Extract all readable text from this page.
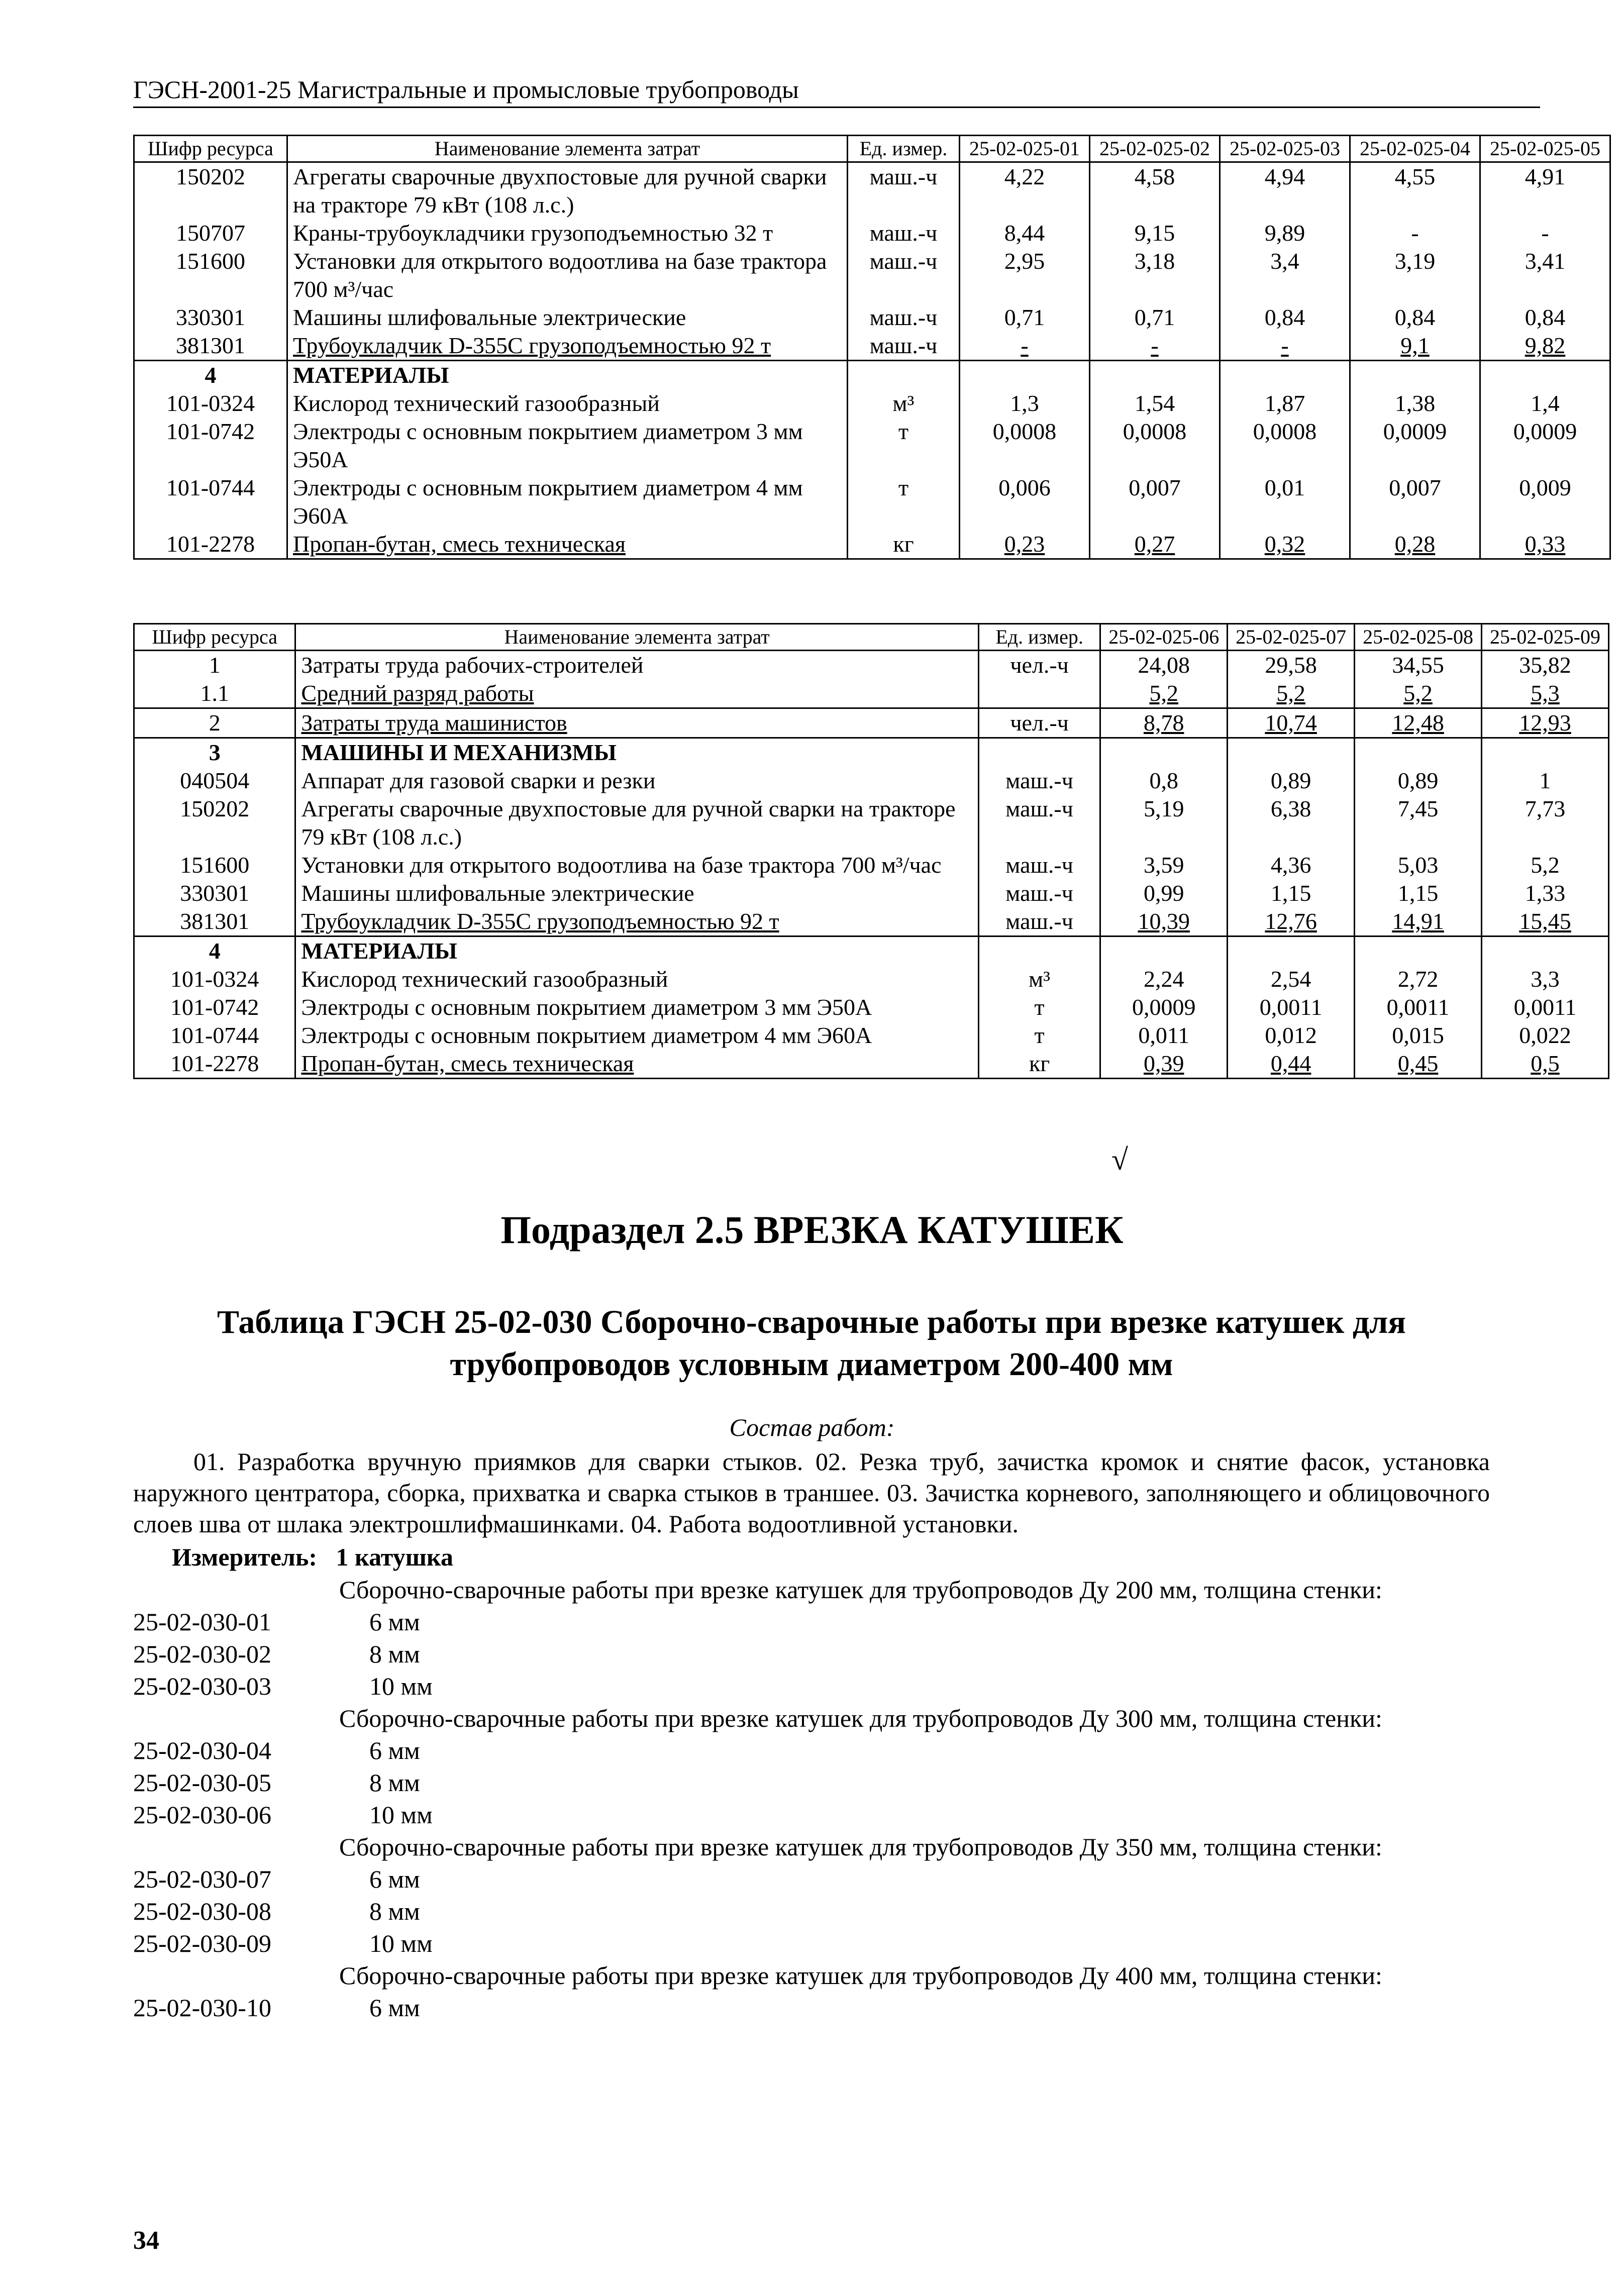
ГЭСН-2001-25 Магистральные и промысловые трубопроводы
Шифр ресурса	Наименование элемента затрат	Ед. измер.	25-02-025-01	25-02-025-02	25-02-025-03	25-02-025-04	25-02-025-05
150202	Агрегаты сварочные двухпостовые для ручной сварки на тракторе 79 кВт (108 л.с.)	маш.-ч	4,22	4,58	4,94	4,55	4,91
150707	Краны-трубоукладчики грузоподъемностью 32 т	маш.-ч	8,44	9,15	9,89	-	-
151600	Установки для открытого водоотлива на базе трактора 700 м³/час	маш.-ч	2,95	3,18	3,4	3,19	3,41
330301	Машины шлифовальные электрические	маш.-ч	0,71	0,71	0,84	0,84	0,84
381301	Трубоукладчик D-355C грузоподъемностью 92 т	маш.-ч	-	-	-	9,1	9,82
4	МАТЕРИАЛЫ						
101-0324	Кислород технический газообразный	м³	1,3	1,54	1,87	1,38	1,4
101-0742	Электроды с основным покрытием диаметром 3 мм Э50А	т	0,0008	0,0008	0,0008	0,0009	0,0009
101-0744	Электроды с основным покрытием диаметром 4 мм Э60А	т	0,006	0,007	0,01	0,007	0,009
101-2278	Пропан-бутан, смесь техническая	кг	0,23	0,27	0,32	0,28	0,33
Шифр ресурса	Наименование элемента затрат	Ед. измер.	25-02-025-06	25-02-025-07	25-02-025-08	25-02-025-09
1	Затраты труда рабочих-строителей	чел.-ч	24,08	29,58	34,55	35,82
1.1	Средний разряд работы		5,2	5,2	5,2	5,3
2	Затраты труда машинистов	чел.-ч	8,78	10,74	12,48	12,93
3	МАШИНЫ И МЕХАНИЗМЫ					
040504	Аппарат для газовой сварки и резки	маш.-ч	0,8	0,89	0,89	1
150202	Агрегаты сварочные двухпостовые для ручной сварки на тракторе 79 кВт (108 л.с.)	маш.-ч	5,19	6,38	7,45	7,73
151600	Установки для открытого водоотлива на базе трактора 700 м³/час	маш.-ч	3,59	4,36	5,03	5,2
330301	Машины шлифовальные электрические	маш.-ч	0,99	1,15	1,15	1,33
381301	Трубоукладчик D-355C грузоподъемностью 92 т	маш.-ч	10,39	12,76	14,91	15,45
4	МАТЕРИАЛЫ					
101-0324	Кислород технический газообразный	м³	2,24	2,54	2,72	3,3
101-0742	Электроды с основным покрытием диаметром 3 мм Э50А	т	0,0009	0,0011	0,0011	0,0011
101-0744	Электроды с основным покрытием диаметром 4 мм Э60А	т	0,011	0,012	0,015	0,022
101-2278	Пропан-бутан, смесь техническая	кг	0,39	0,44	0,45	0,5
√
Подраздел 2.5 ВРЕЗКА КАТУШЕК
Таблица ГЭСН 25-02-030 Сборочно-сварочные работы при врезке катушек для трубопроводов условным диаметром 200-400 мм
Состав работ:
01. Разработка вручную приямков для сварки стыков. 02. Резка труб, зачистка кромок и снятие фасок, установка наружного центратора, сборка, прихватка и сварка стыков в траншее. 03. Зачистка корневого, заполняющего и облицовочного слоев шва от шлака электрошлифмашинками. 04. Работа водоотливной установки.
Измеритель:   1 катушка
Сборочно-сварочные работы при врезке катушек для трубопроводов Ду 200 мм, толщина стенки:
25-02-030-01	6 мм
25-02-030-02	8 мм
25-02-030-03	10 мм
Сборочно-сварочные работы при врезке катушек для трубопроводов Ду 300 мм, толщина стенки:
25-02-030-04	6 мм
25-02-030-05	8 мм
25-02-030-06	10 мм
Сборочно-сварочные работы при врезке катушек для трубопроводов Ду 350 мм, толщина стенки:
25-02-030-07	6 мм
25-02-030-08	8 мм
25-02-030-09	10 мм
Сборочно-сварочные работы при врезке катушек для трубопроводов Ду 400 мм, толщина стенки:
25-02-030-10	6 мм
34
